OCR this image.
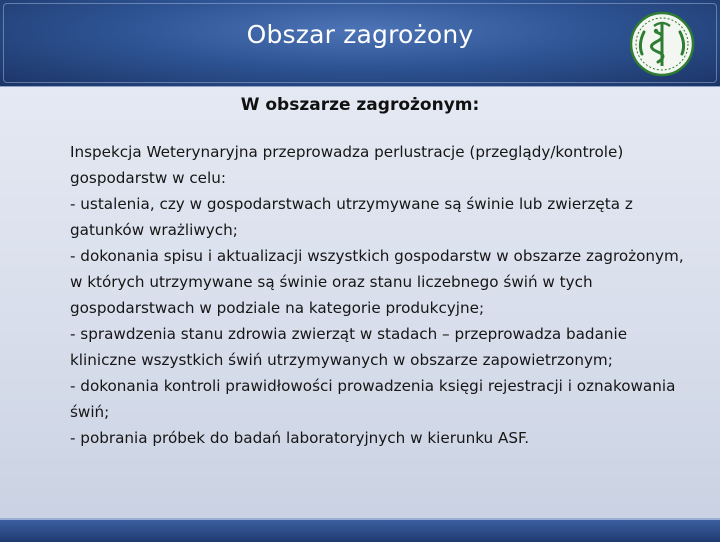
Obszar zagrożony
W obszarze zagrożonym:

Inspekcja Weterynaryjna przeprowadza perlustracje (przeglądy/kontrole) gospodarstw w celu:

- ustalenia, czy w gospodarstwach utrzymywane są świnie lub zwierzęta z gatunków wrażliwych;

- dokonania spisu i aktualizacji wszystkich gospodarstw w obszarze zagrożonym, w których utrzymywane są świnie oraz stanu liczebnego świń w tych gospodarstwach w podziale na kategorie produkcyjne;

- sprawdzenia stanu zdrowia zwierząt w stadach – przeprowadza badanie kliniczne wszystkich świń utrzymywanych w obszarze zapowietrzonym;

- dokonania kontroli prawidłowości prowadzenia księgi rejestracji i oznakowania świń;

- pobrania próbek do badań laboratoryjnych w kierunku ASF.
